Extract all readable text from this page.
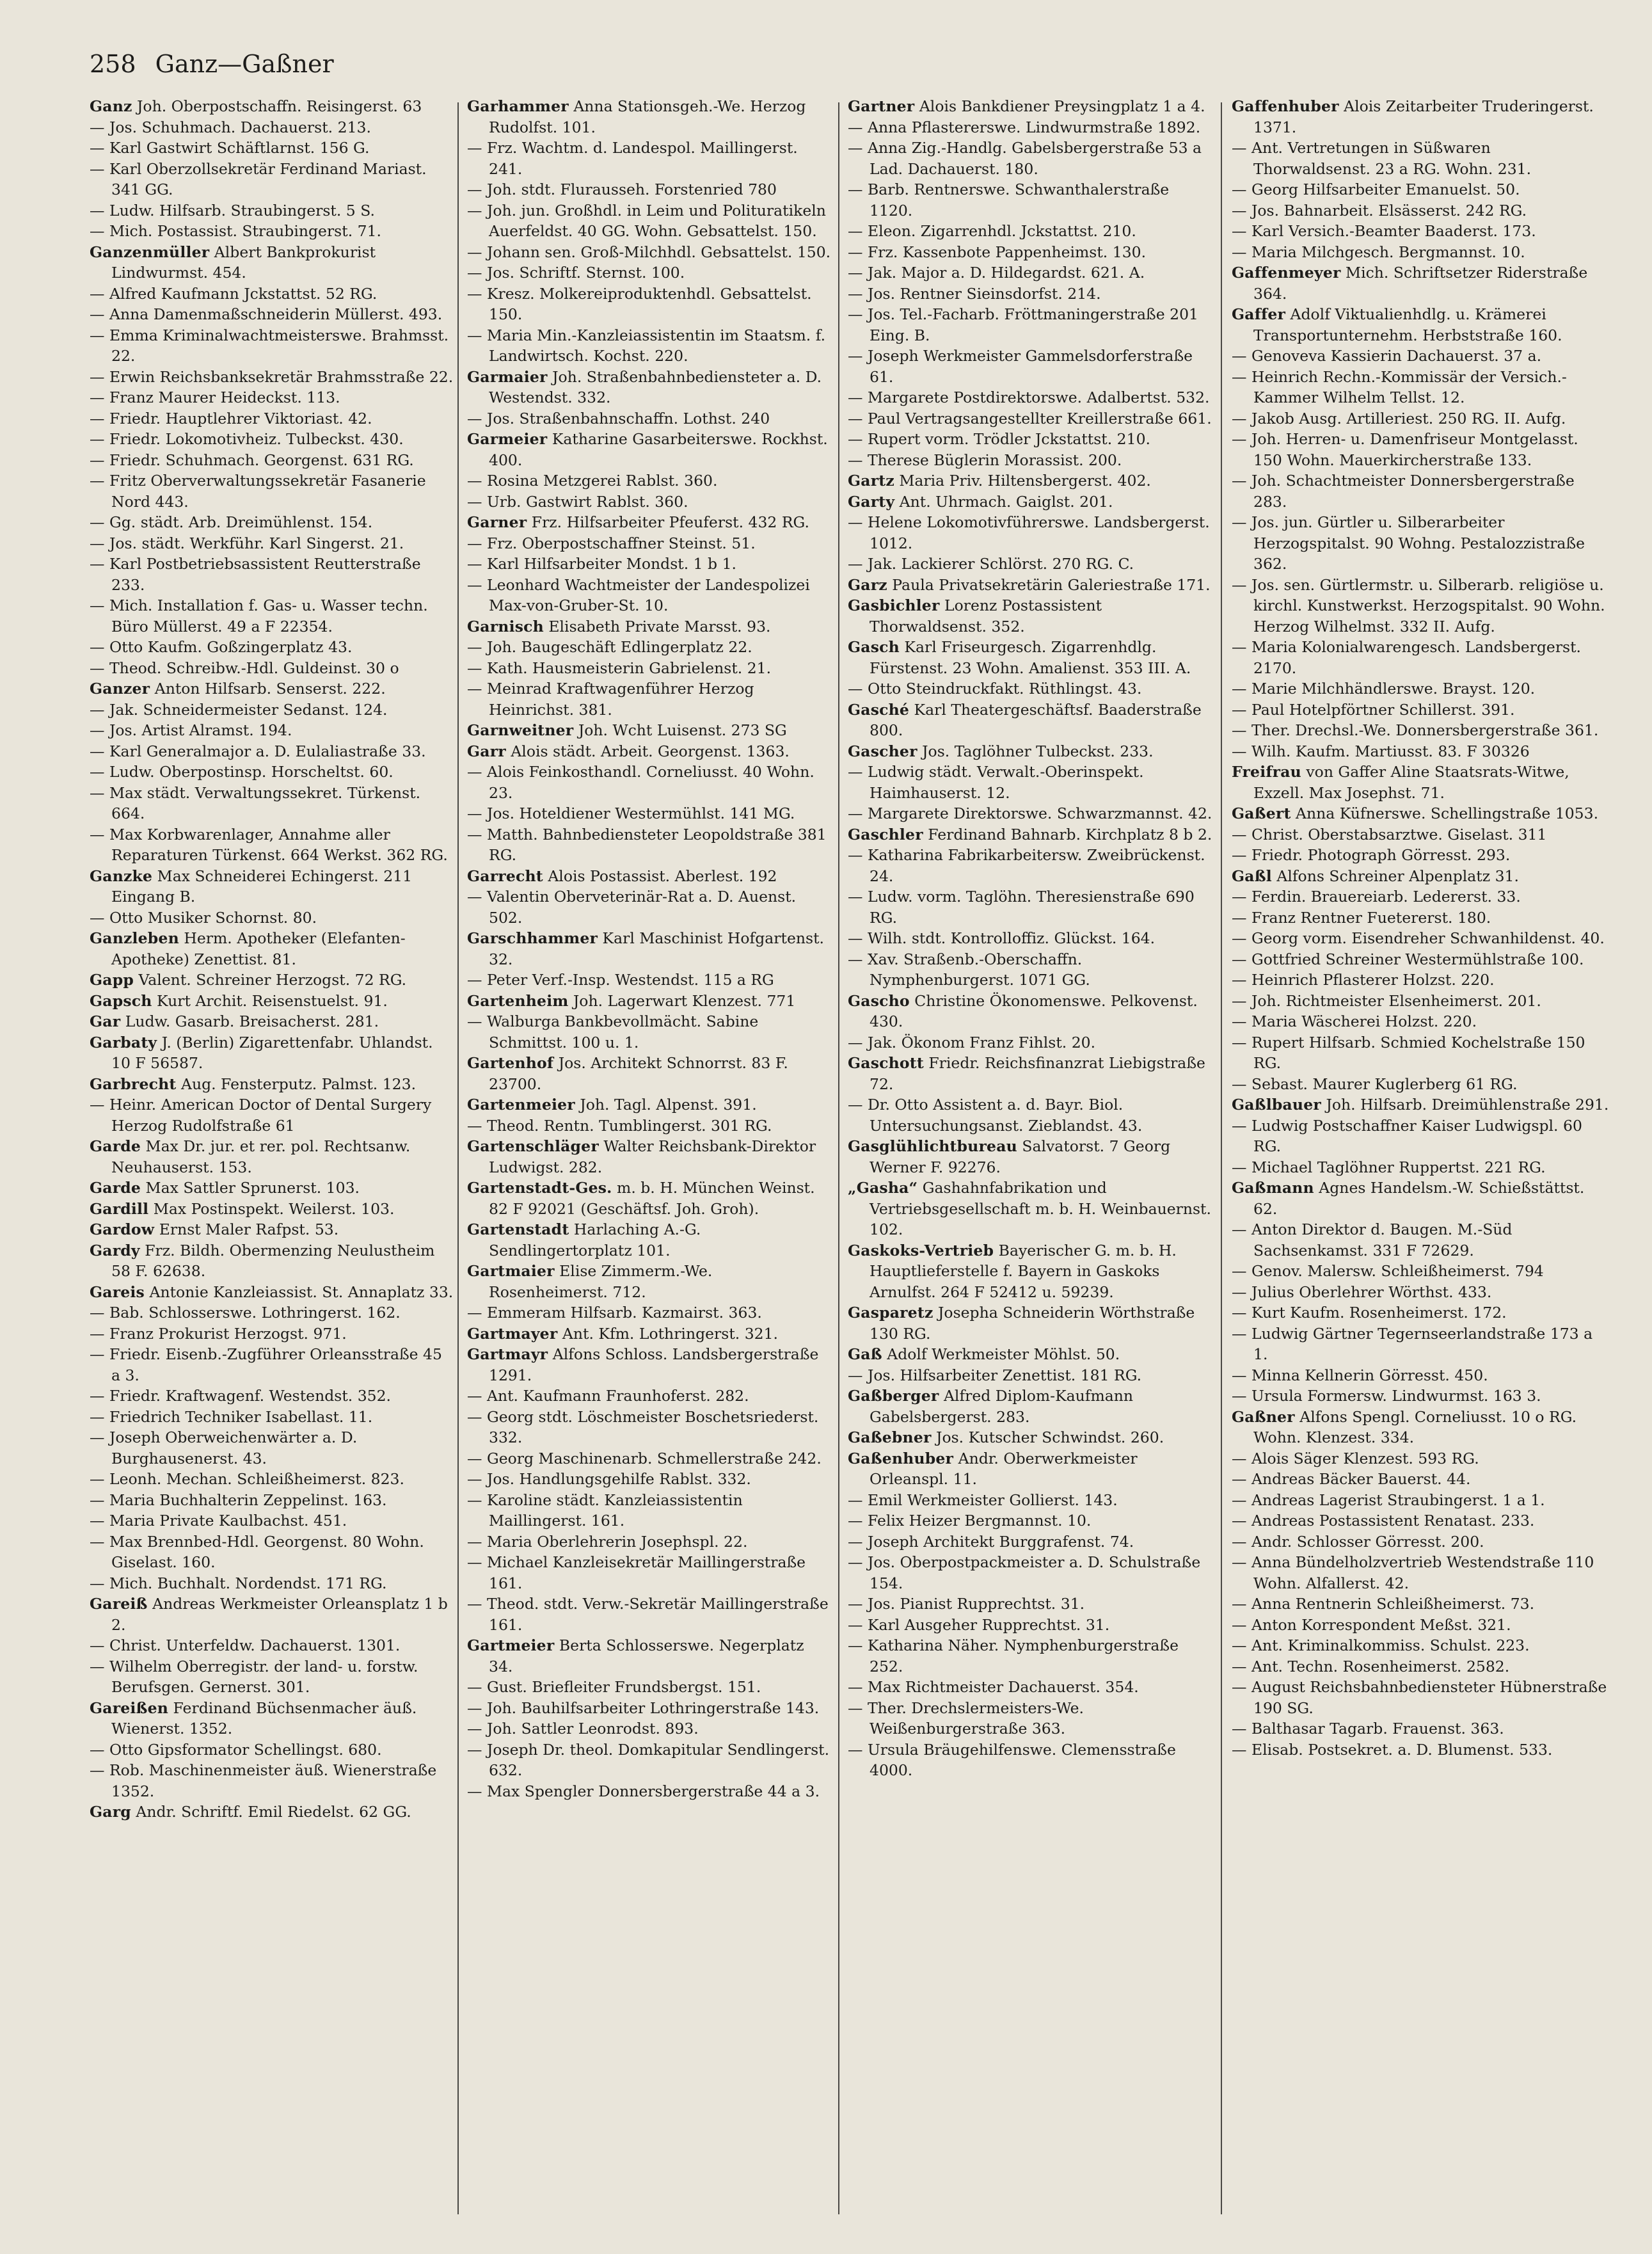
258 Ganz—Gaßner

Ganz Joh. Oberpostschaffn. Reisingerst. 63

— Jos. Schuhmach. Dachauerst. 213.

— Karl Gastwirt Schäftlarnst. 156 G.

— Karl Oberzollsekretär Ferdinand Mariast. 341 GG.

— Ludw. Hilfsarb. Straubingerst. 5 S.

— Mich. Postassist. Straubingerst. 71.

Ganzenmüller Albert Bankprokurist Lindwurmst. 454.

— Alfred Kaufmann Jckstattst. 52 RG.

— Anna Damenmaßschneiderin Müllerst. 493.

— Emma Kriminalwachtmeisterswe. Brahmsst. 22.

— Erwin Reichsbanksekretär Brahmsstraße 22.

— Franz Maurer Heideckst. 113.

— Friedr. Hauptlehrer Viktoriast. 42.

— Friedr. Lokomotivheiz. Tulbeckst. 430.

— Friedr. Schuhmach. Georgenst. 631 RG.

— Fritz Oberverwaltungssekretär Fasanerie Nord 443.

— Gg. städt. Arb. Dreimühlenst. 154.

— Jos. städt. Werkführ. Karl Singerst. 21.

— Karl Postbetriebsassistent Reutterstraße 233.

— Mich. Installation f. Gas- u. Wasser techn. Büro Müllerst. 49 a F 22354.

— Otto Kaufm. Goßzingerplatz 43.

— Theod. Schreibw.-Hdl. Guldeinst. 30 o

Ganzer Anton Hilfsarb. Senserst. 222.

— Jak. Schneidermeister Sedanst. 124.

— Jos. Artist Alramst. 194.

— Karl Generalmajor a. D. Eulaliastraße 33.

— Ludw. Oberpostinsp. Horscheltst. 60.

— Max städt. Verwaltungssekret. Türkenst. 664.

— Max Korbwarenlager, Annahme aller Reparaturen Türkenst. 664 Werkst. 362 RG.

Ganzke Max Schneiderei Echingerst. 211 Eingang B.

— Otto Musiker Schornst. 80.

Ganzleben Herm. Apotheker (Elefanten-Apotheke) Zenettist. 81.

Gapp Valent. Schreiner Herzogst. 72 RG.

Gapsch Kurt Archit. Reisenstuelst. 91.

Gar Ludw. Gasarb. Breisacherst. 281.

Garbaty J. (Berlin) Zigarettenfabr. Uhlandst. 10 F 56587.

Garbrecht Aug. Fensterputz. Palmst. 123.

— Heinr. American Doctor of Dental Surgery Herzog Rudolfstraße 61

Garde Max Dr. jur. et rer. pol. Rechtsanw. Neuhauserst. 153.

Garde Max Sattler Sprunerst. 103.

Gardill Max Postinspekt. Weilerst. 103.

Gardow Ernst Maler Rafpst. 53.

Gardy Frz. Bildh. Obermenzing Neulustheim 58 F. 62638.

Gareis Antonie Kanzleiassist. St. Annaplatz 33.

— Bab. Schlosserswe. Lothringerst. 162.

— Franz Prokurist Herzogst. 971.

— Friedr. Eisenb.-Zugführer Orleansstraße 45 a 3.

— Friedr. Kraftwagenf. Westendst. 352.

— Friedrich Techniker Isabellast. 11.

— Joseph Oberweichenwärter a. D. Burghausenerst. 43.

— Leonh. Mechan. Schleißheimerst. 823.

— Maria Buchhalterin Zeppelinst. 163.

— Maria Private Kaulbachst. 451.

— Max Brennbed-Hdl. Georgenst. 80 Wohn. Giselast. 160.

— Mich. Buchhalt. Nordendst. 171 RG.

Gareiß Andreas Werkmeister Orleansplatz 1 b 2.

— Christ. Unterfeldw. Dachauerst. 1301.

— Wilhelm Oberregistr. der land- u. forstw. Berufsgen. Gernerst. 301.

Gareißen Ferdinand Büchsenmacher äuß. Wienerst. 1352.

— Otto Gipsformator Schellingst. 680.

— Rob. Maschinenmeister äuß. Wienerstraße 1352.

Garg Andr. Schriftf. Emil Riedelst. 62 GG.

Garhammer Anna Stationsgeh.-We. Herzog Rudolfst. 101.

— Frz. Wachtm. d. Landespol. Maillingerst. 241.

— Joh. stdt. Flurausseh. Forstenried 780

— Joh. jun. Großhdl. in Leim und Polituratikeln Auerfeldst. 40 GG. Wohn. Gebsattelst. 150.

— Johann sen. Groß-Milchhdl. Gebsattelst. 150.

— Jos. Schriftf. Sternst. 100.

— Kresz. Molkereiproduktenhdl. Gebsattelst. 150.

— Maria Min.-Kanzleiassistentin im Staatsm. f. Landwirtsch. Kochst. 220.

Garmaier Joh. Straßenbahnbediensteter a. D. Westendst. 332.

— Jos. Straßenbahnschaffn. Lothst. 240

Garmeier Katharine Gasarbeiterswe. Rockhst. 400.

— Rosina Metzgerei Rablst. 360.

— Urb. Gastwirt Rablst. 360.

Garner Frz. Hilfsarbeiter Pfeuferst. 432 RG.

— Frz. Oberpostschaffner Steinst. 51.

— Karl Hilfsarbeiter Mondst. 1 b 1.

— Leonhard Wachtmeister der Landespolizei Max-von-Gruber-St. 10.

Garnisch Elisabeth Private Marsst. 93.

— Joh. Baugeschäft Edlingerplatz 22.

— Kath. Hausmeisterin Gabrielenst. 21.

— Meinrad Kraftwagenführer Herzog Heinrichst. 381.

Garnweitner Joh. Wcht Luisenst. 273 SG

Garr Alois städt. Arbeit. Georgenst. 1363.

— Alois Feinkosthandl. Corneliusst. 40 Wohn. 23.

— Jos. Hoteldiener Westermühlst. 141 MG.

— Matth. Bahnbediensteter Leopoldstraße 381 RG.

Garrecht Alois Postassist. Aberlest. 192

— Valentin Oberveterinär-Rat a. D. Auenst. 502.

Garschhammer Karl Maschinist Hofgartenst. 32.

— Peter Verf.-Insp. Westendst. 115 a RG

Gartenheim Joh. Lagerwart Klenzest. 771

— Walburga Bankbevollmächt. Sabine Schmittst. 100 u. 1.

Gartenhof Jos. Architekt Schnorrst. 83 F. 23700.

Gartenmeier Joh. Tagl. Alpenst. 391.

— Theod. Rentn. Tumblingerst. 301 RG.

Gartenschläger Walter Reichsbank-Direktor Ludwigst. 282.

Gartenstadt-Ges. m. b. H. München Weinst. 82 F 92021 (Geschäftsf. Joh. Groh).

Gartenstadt Harlaching A.-G. Sendlingertorplatz 101.

Gartmaier Elise Zimmerm.-We. Rosenheimerst. 712.

— Emmeram Hilfsarb. Kazmairst. 363.

Gartmayer Ant. Kfm. Lothringerst. 321.

Gartmayr Alfons Schloss. Landsbergerstraße 1291.

— Ant. Kaufmann Fraunhoferst. 282.

— Georg stdt. Löschmeister Boschetsriederst. 332.

— Georg Maschinenarb. Schmellerstraße 242.

— Jos. Handlungsgehilfe Rablst. 332.

— Karoline städt. Kanzleiassistentin Maillingerst. 161.

— Maria Oberlehrerin Josephspl. 22.

— Michael Kanzleisekretär Maillingerstraße 161.

— Theod. stdt. Verw.-Sekretär Maillingerstraße 161.

Gartmeier Berta Schlosserswe. Negerplatz 34.

— Gust. Briefleiter Frundsbergst. 151.

— Joh. Bauhilfsarbeiter Lothringerstraße 143.

— Joh. Sattler Leonrodst. 893.

— Joseph Dr. theol. Domkapitular Sendlingerst. 632.

— Max Spengler Donnersbergerstraße 44 a 3.

Gartner Alois Bankdiener Preysingplatz 1 a 4.

— Anna Pflastererswe. Lindwurmstraße 1892.

— Anna Zig.-Handlg. Gabelsbergerstraße 53 a Lad. Dachauerst. 180.

— Barb. Rentnerswe. Schwanthalerstraße 1120.

— Eleon. Zigarrenhdl. Jckstattst. 210.

— Frz. Kassenbote Pappenheimst. 130.

— Jak. Major a. D. Hildegardst. 621. A.

— Jos. Rentner Sieinsdorfst. 214.

— Jos. Tel.-Facharb. Fröttmaningerstraße 201 Eing. B.

— Joseph Werkmeister Gammelsdorferstraße 61.

— Margarete Postdirektorswe. Adalbertst. 532.

— Paul Vertragsangestellter Kreillerstraße 661.

— Rupert vorm. Trödler Jckstattst. 210.

— Therese Büglerin Morassist. 200.

Gartz Maria Priv. Hiltensbergerst. 402.

Garty Ant. Uhrmach. Gaiglst. 201.

— Helene Lokomotivführerswe. Landsbergerst. 1012.

— Jak. Lackierer Schlörst. 270 RG. C.

Garz Paula Privatsekretärin Galeriestraße 171.

Gasbichler Lorenz Postassistent Thorwaldsenst. 352.

Gasch Karl Friseurgesch. Zigarrenhdlg. Fürstenst. 23 Wohn. Amalienst. 353 III. A.

— Otto Steindruckfakt. Rüthlingst. 43.

Gasché Karl Theatergeschäftsf. Baaderstraße 800.

Gascher Jos. Taglöhner Tulbeckst. 233.

— Ludwig städt. Verwalt.-Oberinspekt. Haimhauserst. 12.

— Margarete Direktorswe. Schwarzmannst. 42.

Gaschler Ferdinand Bahnarb. Kirchplatz 8 b 2.

— Katharina Fabrikarbeitersw. Zweibrückenst. 24.

— Ludw. vorm. Taglöhn. Theresienstraße 690 RG.

— Wilh. stdt. Kontrolloffiz. Glückst. 164.

— Xav. Straßenb.-Oberschaffn. Nymphenburgerst. 1071 GG.

Gascho Christine Ökonomenswe. Pelkovenst. 430.

— Jak. Ökonom Franz Fihlst. 20.

Gaschott Friedr. Reichsfinanzrat Liebigstraße 72.

— Dr. Otto Assistent a. d. Bayr. Biol. Untersuchungsanst. Zieblandst. 43.

Gasglühlichtbureau Salvatorst. 7 Georg Werner F. 92276.

„Gasha“ Gashahnfabrikation und Vertriebsgesellschaft m. b. H. Weinbauernst. 102.

Gaskoks-Vertrieb Bayerischer G. m. b. H. Hauptlieferstelle f. Bayern in Gaskoks Arnulfst. 264 F 52412 u. 59239.

Gasparetz Josepha Schneiderin Wörthstraße 130 RG.

Gaß Adolf Werkmeister Möhlst. 50.

— Jos. Hilfsarbeiter Zenettist. 181 RG.

Gaßberger Alfred Diplom-Kaufmann Gabelsbergerst. 283.

Gaßebner Jos. Kutscher Schwindst. 260.

Gaßenhuber Andr. Oberwerkmeister Orleanspl. 11.

— Emil Werkmeister Gollierst. 143.

— Felix Heizer Bergmannst. 10.

— Joseph Architekt Burggrafenst. 74.

— Jos. Oberpostpackmeister a. D. Schulstraße 154.

— Jos. Pianist Rupprechtst. 31.

— Karl Ausgeher Rupprechtst. 31.

— Katharina Näher. Nymphenburgerstraße 252.

— Max Richtmeister Dachauerst. 354.

— Ther. Drechslermeisters-We. Weißenburgerstraße 363.

— Ursula Bräugehilfenswe. Clemensstraße 4000.

Gaffenhuber Alois Zeitarbeiter Truderingerst. 1371.

— Ant. Vertretungen in Süßwaren Thorwaldsenst. 23 a RG. Wohn. 231.

— Georg Hilfsarbeiter Emanuelst. 50.

— Jos. Bahnarbeit. Elsässerst. 242 RG.

— Karl Versich.-Beamter Baaderst. 173.

— Maria Milchgesch. Bergmannst. 10.

Gaffenmeyer Mich. Schriftsetzer Riderstraße 364.

Gaffer Adolf Viktualienhdlg. u. Krämerei Transportunternehm. Herbststraße 160.

— Genoveva Kassierin Dachauerst. 37 a.

— Heinrich Rechn.-Kommissär der Versich.-Kammer Wilhelm Tellst. 12.

— Jakob Ausg. Artilleriest. 250 RG. II. Aufg.

— Joh. Herren- u. Damenfriseur Montgelasst. 150 Wohn. Mauerkircherstraße 133.

— Joh. Schachtmeister Donnersbergerstraße 283.

— Jos. jun. Gürtler u. Silberarbeiter Herzogspitalst. 90 Wohng. Pestalozzistraße 362.

— Jos. sen. Gürtlermstr. u. Silberarb. religiöse u. kirchl. Kunstwerkst. Herzogspitalst. 90 Wohn. Herzog Wilhelmst. 332 II. Aufg.

— Maria Kolonialwarengesch. Landsbergerst. 2170.

— Marie Milchhändlerswe. Brayst. 120.

— Paul Hotelpförtner Schillerst. 391.

— Ther. Drechsl.-We. Donnersbergerstraße 361.

— Wilh. Kaufm. Martiusst. 83. F 30326

Freifrau von Gaffer Aline Staatsrats-Witwe, Exzell. Max Josephst. 71.

Gaßert Anna Küfnerswe. Schellingstraße 1053.

— Christ. Oberstabsarztwe. Giselast. 311

— Friedr. Photograph Görresst. 293.

Gaßl Alfons Schreiner Alpenplatz 31.

— Ferdin. Brauereiarb. Ledererst. 33.

— Franz Rentner Fuetererst. 180.

— Georg vorm. Eisendreher Schwanhildenst. 40.

— Gottfried Schreiner Westermühlstraße 100.

— Heinrich Pflasterer Holzst. 220.

— Joh. Richtmeister Elsenheimerst. 201.

— Maria Wäscherei Holzst. 220.

— Rupert Hilfsarb. Schmied Kochelstraße 150 RG.

— Sebast. Maurer Kuglerberg 61 RG.

Gaßlbauer Joh. Hilfsarb. Dreimühlenstraße 291.

— Ludwig Postschaffner Kaiser Ludwigspl. 60 RG.

— Michael Taglöhner Ruppertst. 221 RG.

Gaßmann Agnes Handelsm.-W. Schießstättst. 62.

— Anton Direktor d. Baugen. M.-Süd Sachsenkamst. 331 F 72629.

— Genov. Malersw. Schleißheimerst. 794

— Julius Oberlehrer Wörthst. 433.

— Kurt Kaufm. Rosenheimerst. 172.

— Ludwig Gärtner Tegernseerlandstraße 173 a 1.

— Minna Kellnerin Görresst. 450.

— Ursula Formersw. Lindwurmst. 163 3.

Gaßner Alfons Spengl. Corneliusst. 10 o RG. Wohn. Klenzest. 334.

— Alois Säger Klenzest. 593 RG.

— Andreas Bäcker Bauerst. 44.

— Andreas Lagerist Straubingerst. 1 a 1.

— Andreas Postassistent Renatast. 233.

— Andr. Schlosser Görresst. 200.

— Anna Bündelholzvertrieb Westendstraße 110 Wohn. Alfallerst. 42.

— Anna Rentnerin Schleißheimerst. 73.

— Anton Korrespondent Meßst. 321.

— Ant. Kriminalkommiss. Schulst. 223.

— Ant. Techn. Rosenheimerst. 2582.

— August Reichsbahnbediensteter Hübnerstraße 190 SG.

— Balthasar Tagarb. Frauenst. 363.

— Elisab. Postsekret. a. D. Blumenst. 533.
